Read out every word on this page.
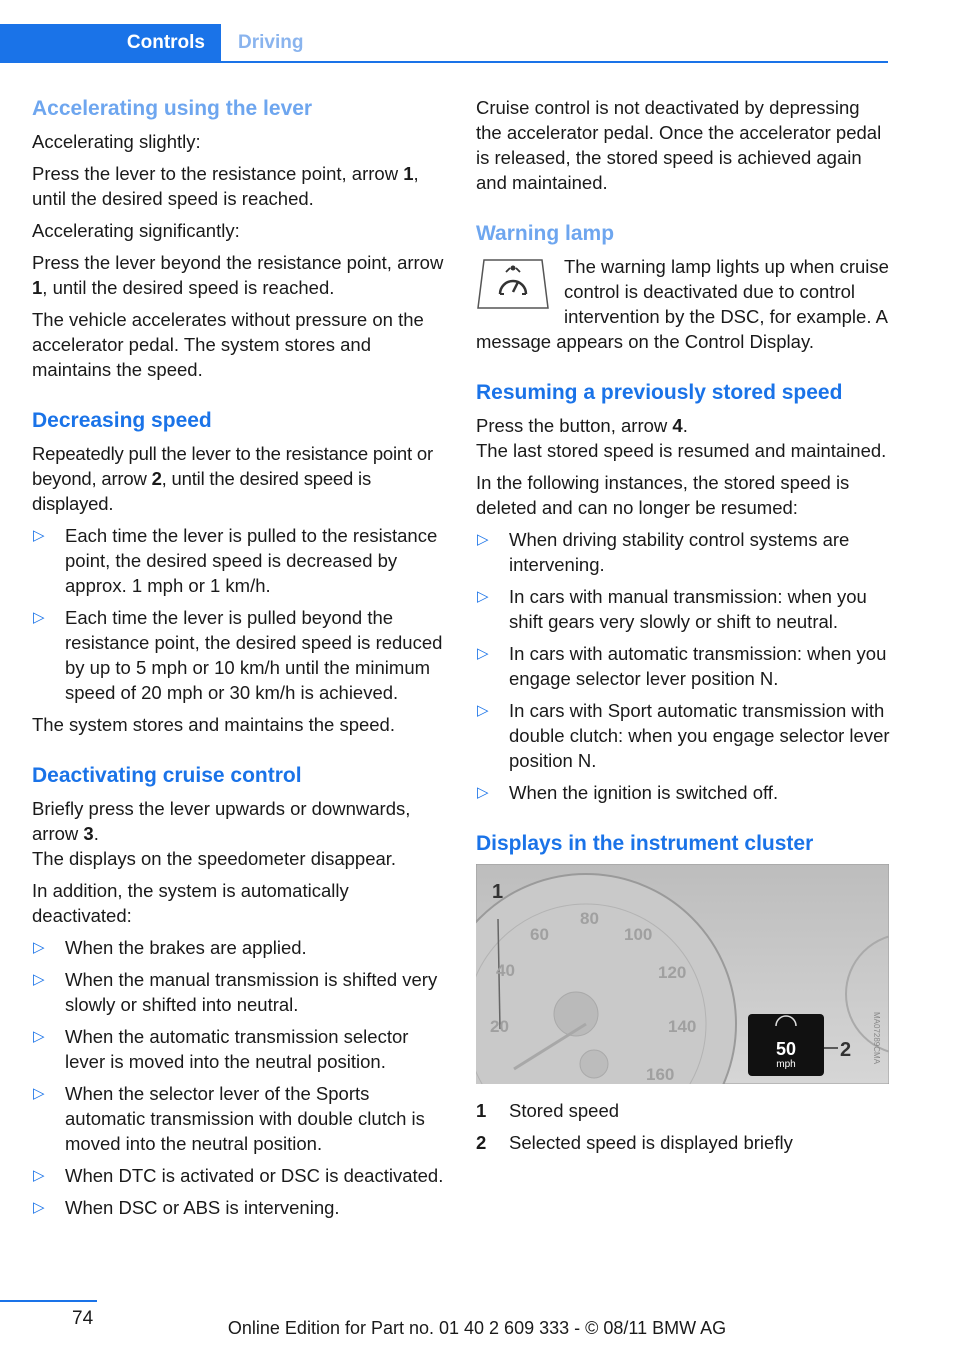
Controls	Driving
Accelerating using the lever

Accelerating slightly:

Press the lever to the resistance point, arrow 1, until the desired speed is reached.

Accelerating significantly:

Press the lever beyond the resistance point, arrow 1, until the desired speed is reached.

The vehicle accelerates without pressure on the accelerator pedal. The system stores and maintains the speed.

Decreasing speed

Repeatedly pull the lever to the resistance point or beyond, arrow 2, until the desired speed is displayed.

▷ Each time the lever is pulled to the resistance point, the desired speed is decreased by approx. 1 mph or 1 km/h.
▷ Each time the lever is pulled beyond the resistance point, the desired speed is reduced by up to 5 mph or 10 km/h until the minimum speed of 20 mph or 30 km/h is achieved.

The system stores and maintains the speed.

Deactivating cruise control

Briefly press the lever upwards or downwards, arrow 3.

The displays on the speedometer disappear.

In addition, the system is automatically deactivated:

▷ When the brakes are applied.
▷ When the manual transmission is shifted very slowly or shifted into neutral.
▷ When the automatic transmission selector lever is moved into the neutral position.
▷ When the selector lever of the Sports automatic transmission with double clutch is moved into the neutral position.
▷ When DTC is activated or DSC is deactivated.
▷ When DSC or ABS is intervening.

Cruise control is not deactivated by depressing the accelerator pedal. Once the accelerator pedal is released, the stored speed is achieved again and maintained.

Warning lamp

The warning lamp lights up when cruise control is deactivated due to control intervention by the DSC, for example. A message appears on the Control Display.

Resuming a previously stored speed

Press the button, arrow 4.

The last stored speed is resumed and maintained.

In the following instances, the stored speed is deleted and can no longer be resumed:

▷ When driving stability control systems are intervening.
▷ In cars with manual transmission: when you shift gears very slowly or shift to neutral.
▷ In cars with automatic transmission: when you engage selector lever position N.
▷ In cars with Sport automatic transmission with double clutch: when you engage selector lever position N.
▷ When the ignition is switched off.
Displays in the instrument cluster
1
20
40
60
80
100
120
140
160
50
mph
2	MA07289CMA
1 Stored speed
2 Selected speed is displayed briefly
74	Online Edition for Part no. 01 40 2 609 333 - © 08/11 BMW AG
